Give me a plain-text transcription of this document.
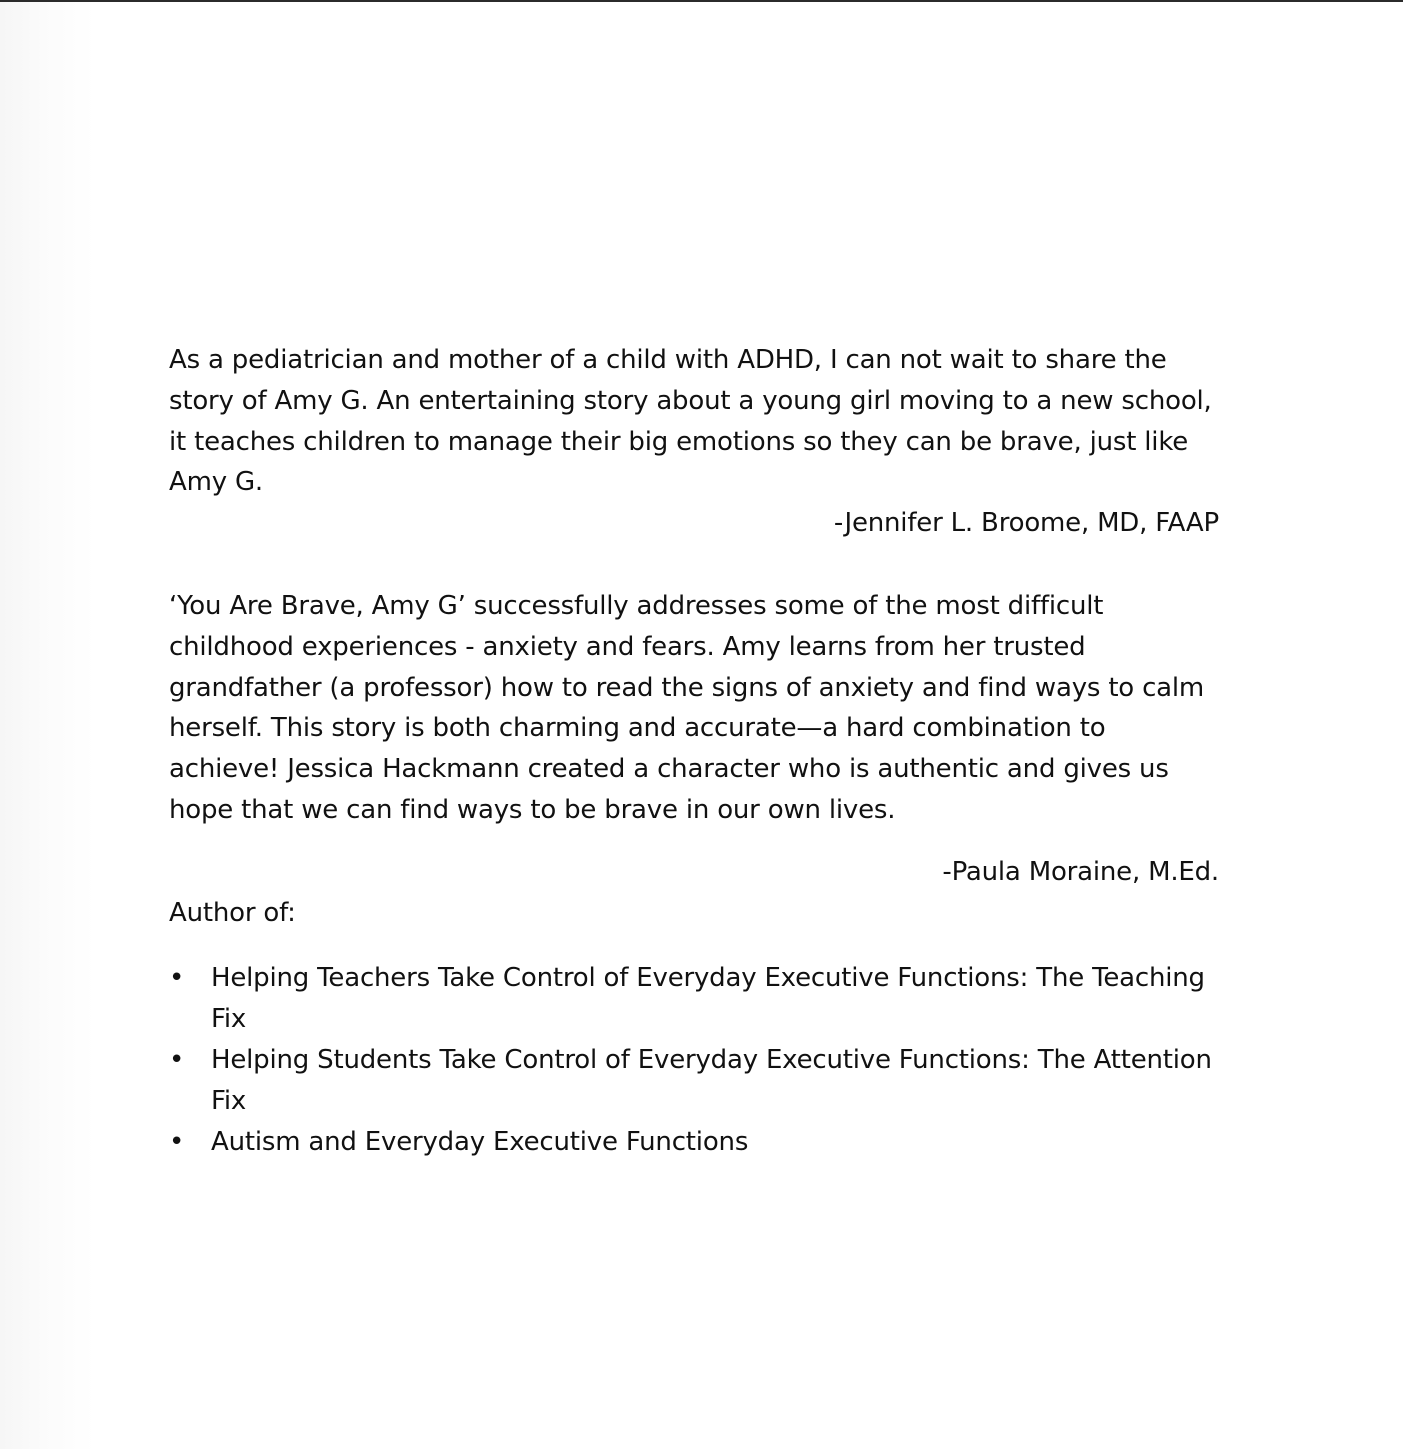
As a pediatrician and mother of a child with ADHD, I can not wait to share the story of Amy G. An entertaining story about a young girl moving to a new school, it teaches children to manage their big emotions so they can be brave, just like Amy G.

-Jennifer L. Broome, MD, FAAP

‘You Are Brave, Amy G’ successfully addresses some of the most difficult childhood experiences - anxiety and fears. Amy learns from her trusted grandfather (a professor) how to read the signs of anxiety and find ways to calm herself. This story is both charming and accurate—a hard combination to achieve! Jessica Hackmann created a character who is authentic and gives us hope that we can find ways to be brave in our own lives.

-Paula Moraine, M.Ed.

Author of:

• Helping Teachers Take Control of Everyday Executive Functions: The Teaching Fix
• Helping Students Take Control of Everyday Executive Functions: The Attention Fix
• Autism and Everyday Executive Functions
